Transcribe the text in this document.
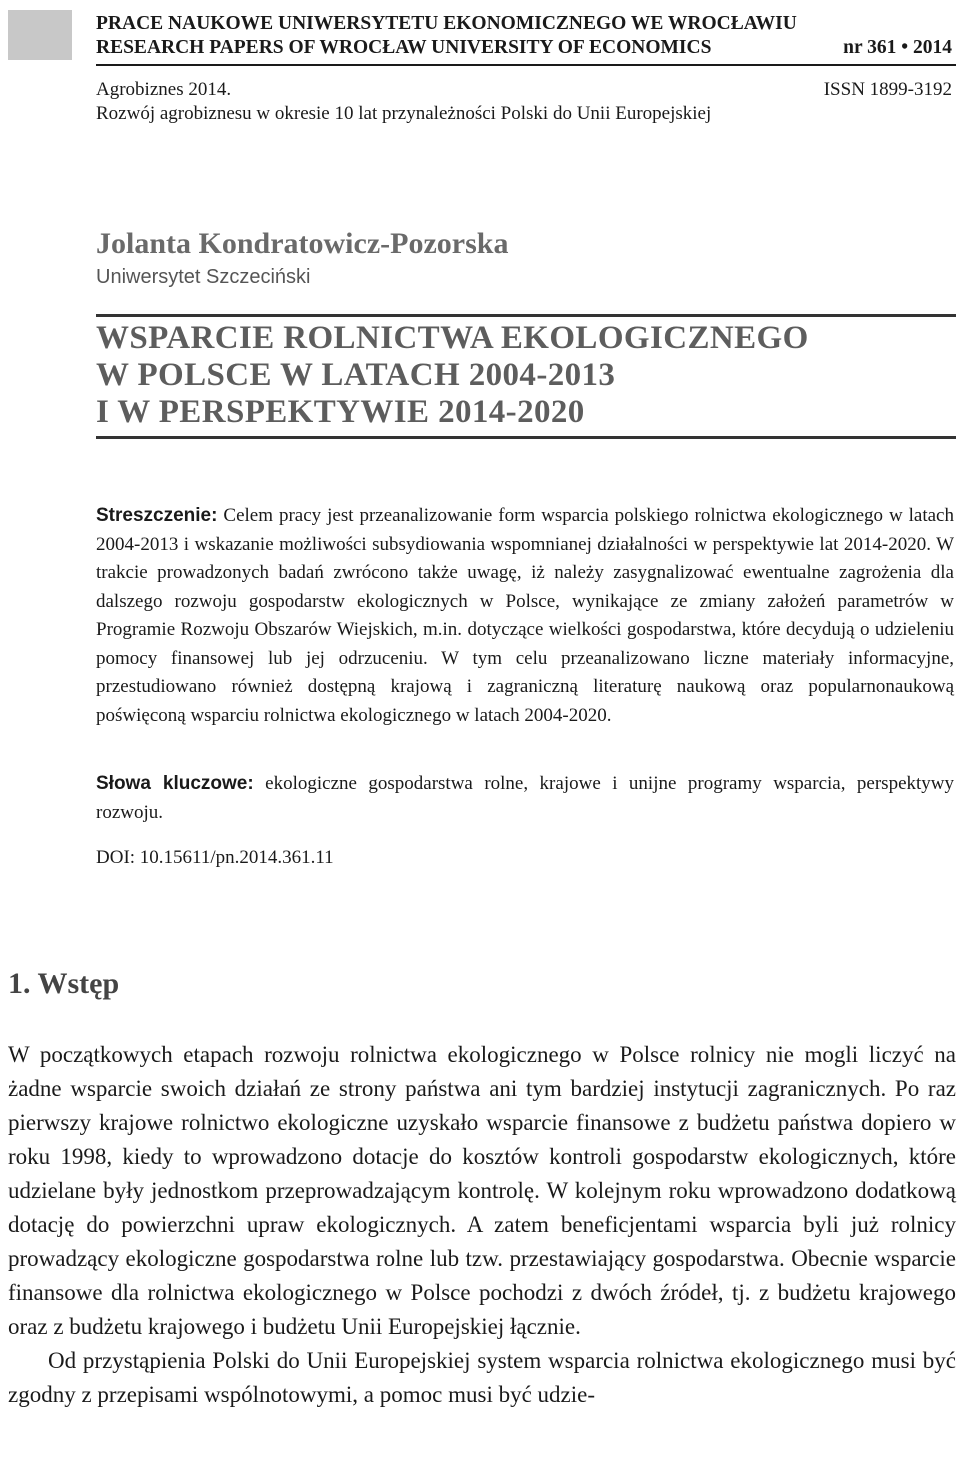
PRACE NAUKOWE UNIWERSYTETU EKONOMICZNEGO WE WROCŁAWIU
RESEARCH PAPERS OF WROCŁAW UNIVERSITY OF ECONOMICS	nr 361 • 2014
Agrobiznes 2014.
Rozwój agrobiznesu w okresie 10 lat przynależności Polski do Unii Europejskiej
ISSN 1899-3192
Jolanta Kondratowicz-Pozorska
Uniwersytet Szczeciński
WSPARCIE ROLNICTWA EKOLOGICZNEGO
W POLSCE W LATACH 2004-2013
I W PERSPEKTYWIE 2014-2020
Streszczenie: Celem pracy jest przeanalizowanie form wsparcia polskiego rolnictwa ekologicznego w latach 2004-2013 i wskazanie możliwości subsydiowania wspomnianej działalności w perspektywie lat 2014-2020. W trakcie prowadzonych badań zwrócono także uwagę, iż należy zasygnalizować ewentualne zagrożenia dla dalszego rozwoju gospodarstw ekologicznych w Polsce, wynikające ze zmiany założeń parametrów w Programie Rozwoju Obszarów Wiejskich, m.in. dotyczące wielkości gospodarstwa, które decydują o udzieleniu pomocy finansowej lub jej odrzuceniu. W tym celu przeanalizowano liczne materiały informacyjne, przestudiowano również dostępną krajową i zagraniczną literaturę naukową oraz popularnonaukową poświęconą wsparciu rolnictwa ekologicznego w latach 2004-2020.
Słowa kluczowe: ekologiczne gospodarstwa rolne, krajowe i unijne programy wsparcia, perspektywy rozwoju.
DOI: 10.15611/pn.2014.361.11
1. Wstęp

W początkowych etapach rozwoju rolnictwa ekologicznego w Polsce rolnicy nie mogli liczyć na żadne wsparcie swoich działań ze strony państwa ani tym bardziej instytucji zagranicznych. Po raz pierwszy krajowe rolnictwo ekologiczne uzyskało wsparcie finansowe z budżetu państwa dopiero w roku 1998, kiedy to wprowadzono dotacje do kosztów kontroli gospodarstw ekologicznych, które udzielane były jednostkom przeprowadzającym kontrolę. W kolejnym roku wprowadzono dodatkową dotację do powierzchni upraw ekologicznych. A zatem beneficjentami wsparcia byli już rolnicy prowadzący ekologiczne gospodarstwa rolne lub tzw. przestawiający gospodarstwa. Obecnie wsparcie finansowe dla rolnictwa ekologicznego w Polsce pochodzi z dwóch źródeł, tj. z budżetu krajowego oraz z budżetu krajowego i budżetu Unii Europejskiej łącznie.

Od przystąpienia Polski do Unii Europejskiej system wsparcia rolnictwa ekologicznego musi być zgodny z przepisami wspólnotowymi, a pomoc musi być udzie-
